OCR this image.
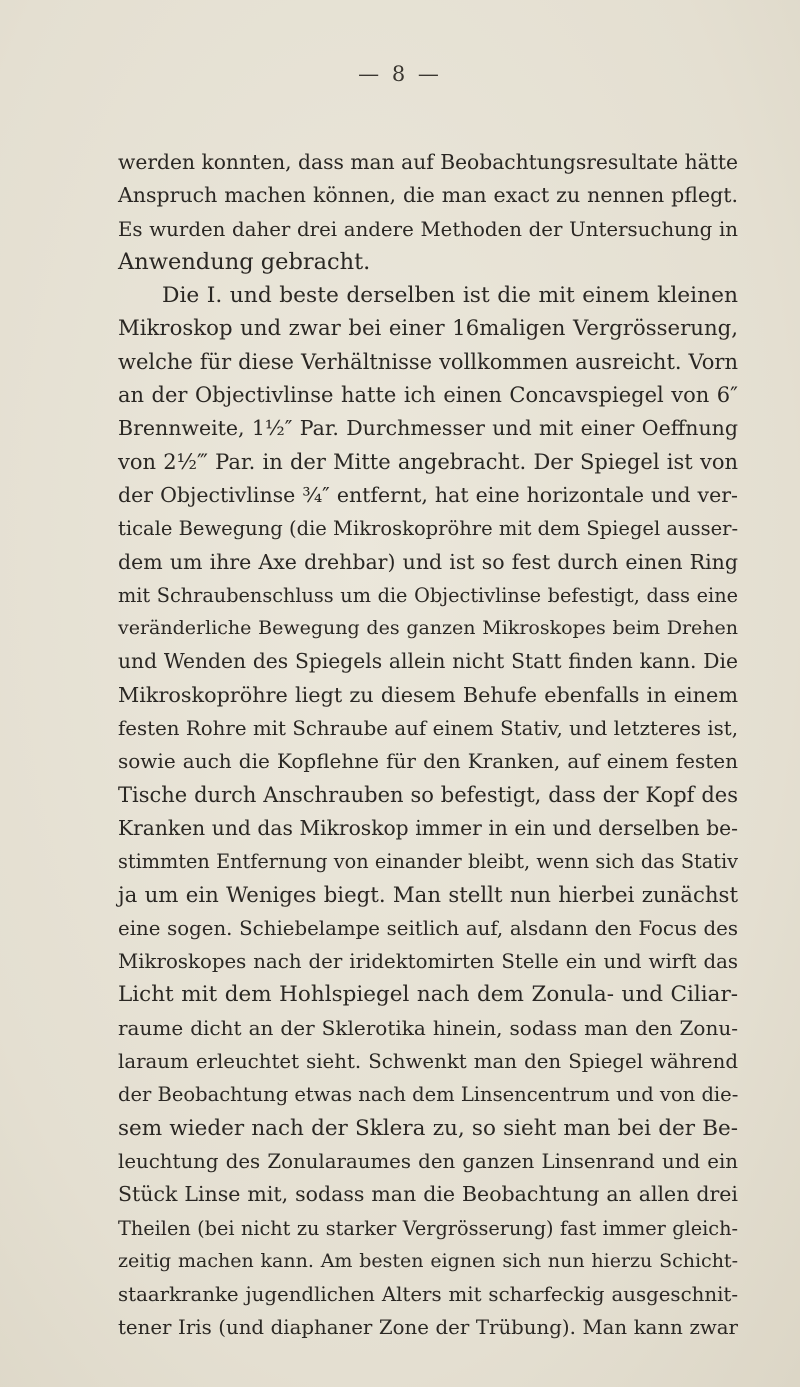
— 8 —
werden konnten, dass man auf Beobachtungsresultate hätte
Anspruch machen können, die man exact zu nennen pflegt.
Es wurden daher drei andere Methoden der Untersuchung in
Anwendung gebracht.
Die I. und beste derselben ist die mit einem kleinen
Mikroskop und zwar bei einer 16maligen Vergrösserung,
welche für diese Verhältnisse vollkommen ausreicht. Vorn
an der Objectivlinse hatte ich einen Concavspiegel von 6″
Brennweite, 1½″ Par. Durchmesser und mit einer Oeffnung
von 2½‴ Par. in der Mitte angebracht. Der Spiegel ist von
der Objectivlinse ¾″ entfernt, hat eine horizontale und ver-
ticale Bewegung (die Mikroskopröhre mit dem Spiegel ausser-
dem um ihre Axe drehbar) und ist so fest durch einen Ring
mit Schraubenschluss um die Objectivlinse befestigt, dass eine
veränderliche Bewegung des ganzen Mikroskopes beim Drehen
und Wenden des Spiegels allein nicht Statt finden kann. Die
Mikroskopröhre liegt zu diesem Behufe ebenfalls in einem
festen Rohre mit Schraube auf einem Stativ, und letzteres ist,
sowie auch die Kopflehne für den Kranken, auf einem festen
Tische durch Anschrauben so befestigt, dass der Kopf des
Kranken und das Mikroskop immer in ein und derselben be-
stimmten Entfernung von einander bleibt, wenn sich das Stativ
ja um ein Weniges biegt. Man stellt nun hierbei zunächst
eine sogen. Schiebelampe seitlich auf, alsdann den Focus des
Mikroskopes nach der iridektomirten Stelle ein und wirft das
Licht mit dem Hohlspiegel nach dem Zonula- und Ciliar-
raume dicht an der Sklerotika hinein, sodass man den Zonu-
laraum erleuchtet sieht. Schwenkt man den Spiegel während
der Beobachtung etwas nach dem Linsencentrum und von die-
sem wieder nach der Sklera zu, so sieht man bei der Be-
leuchtung des Zonularaumes den ganzen Linsenrand und ein
Stück Linse mit, sodass man die Beobachtung an allen drei
Theilen (bei nicht zu starker Vergrösserung) fast immer gleich-
zeitig machen kann. Am besten eignen sich nun hierzu Schicht-
staarkranke jugendlichen Alters mit scharfeckig ausgeschnit-
tener Iris (und diaphaner Zone der Trübung). Man kann zwar
